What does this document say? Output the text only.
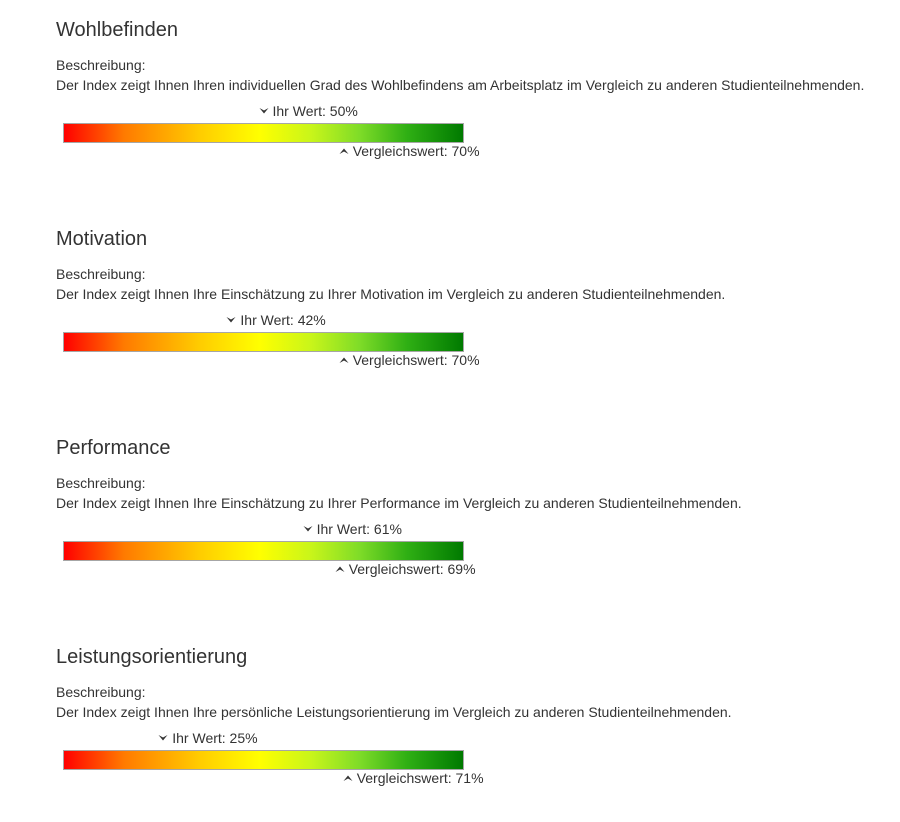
Wohlbefinden
Beschreibung:
Der Index zeigt Ihnen Ihren individuellen Grad des Wohlbefindens am Arbeitsplatz im Vergleich zu anderen Studienteilnehmenden.
Ihr Wert: 50%
Vergleichswert: 70%
Motivation
Beschreibung:
Der Index zeigt Ihnen Ihre Einschätzung zu Ihrer Motivation im Vergleich zu anderen Studienteilnehmenden.
Ihr Wert: 42%
Vergleichswert: 70%
Performance
Beschreibung:
Der Index zeigt Ihnen Ihre Einschätzung zu Ihrer Performance im Vergleich zu anderen Studienteilnehmenden.
Ihr Wert: 61%
Vergleichswert: 69%
Leistungsorientierung
Beschreibung:
Der Index zeigt Ihnen Ihre persönliche Leistungsorientierung im Vergleich zu anderen Studienteilnehmenden.
Ihr Wert: 25%
Vergleichswert: 71%
